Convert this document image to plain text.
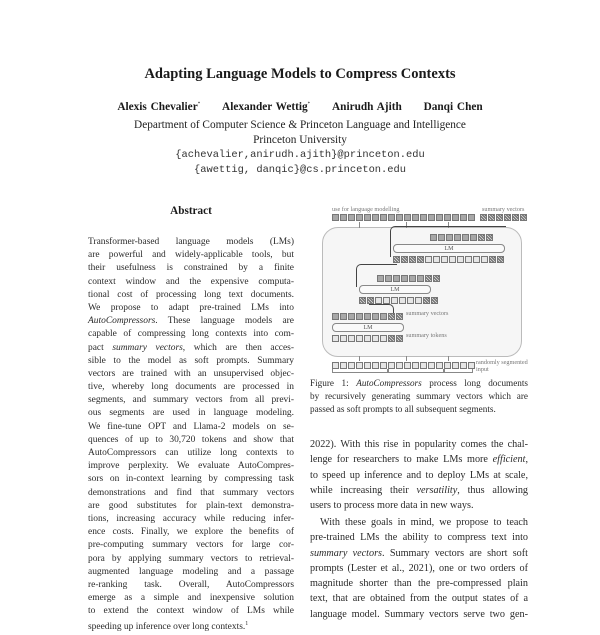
Adapting Language Models to Compress Contexts
Alexis Chevalier* Alexander Wettig* Anirudh Ajith Danqi Chen
Department of Computer Science & Princeton Language and Intelligence
Princeton University
{achevalier,anirudh.ajith}@princeton.edu
{awettig, danqic}@cs.princeton.edu
Abstract
Transformer-based language models (LMs)
are powerful and widely-applicable tools, but
their usefulness is constrained by a finite
context window and the expensive computa-
tional cost of processing long text documents.
We propose to adapt pre-trained LMs into
AutoCompressors. These language models are
capable of compressing long contexts into com-
pact summary vectors, which are then acces-
sible to the model as soft prompts. Summary
vectors are trained with an unsupervised objec-
tive, whereby long documents are processed in
segments, and summary vectors from all previ-
ous segments are used in language modeling.
We fine-tune OPT and Llama-2 models on se-
quences of up to 30,720 tokens and show that
AutoCompressors can utilize long contexts to
improve perplexity. We evaluate AutoCompres-
sors on in-context learning by compressing task
demonstrations and find that summary vectors
are good substitutes for plain-text demonstra-
tions, increasing accuracy while reducing infer-
ence costs. Finally, we explore the benefits of
pre-computing summary vectors for large cor-
pora by applying summary vectors to retrieval-
augmented language modeling and a passage
re-ranking task. Overall, AutoCompressors
emerge as a simple and inexpensive solution
to extend the context window of LMs while
speeding up inference over long contexts.$^1$
use for language modelling	summary vectors
LM
LM
summary vectors
LM
summary tokens
randomly segmented input
Figure 1: AutoCompressors process long documents
by recursively generating summary vectors which are
passed as soft prompts to all subsequent segments.
2022). With this rise in popularity comes the chal-
lenge for researchers to make LMs more efficient,
to speed up inference and to deploy LMs at scale,
while increasing their versatility, thus allowing
users to process more data in new ways.
With these goals in mind, we propose to teach
pre-trained LMs the ability to compress text into
summary vectors. Summary vectors are short soft
prompts (Lester et al., 2021), one or two orders of
magnitude shorter than the pre-compressed plain
text, that are obtained from the output states of a
language model. Summary vectors serve two gen-
